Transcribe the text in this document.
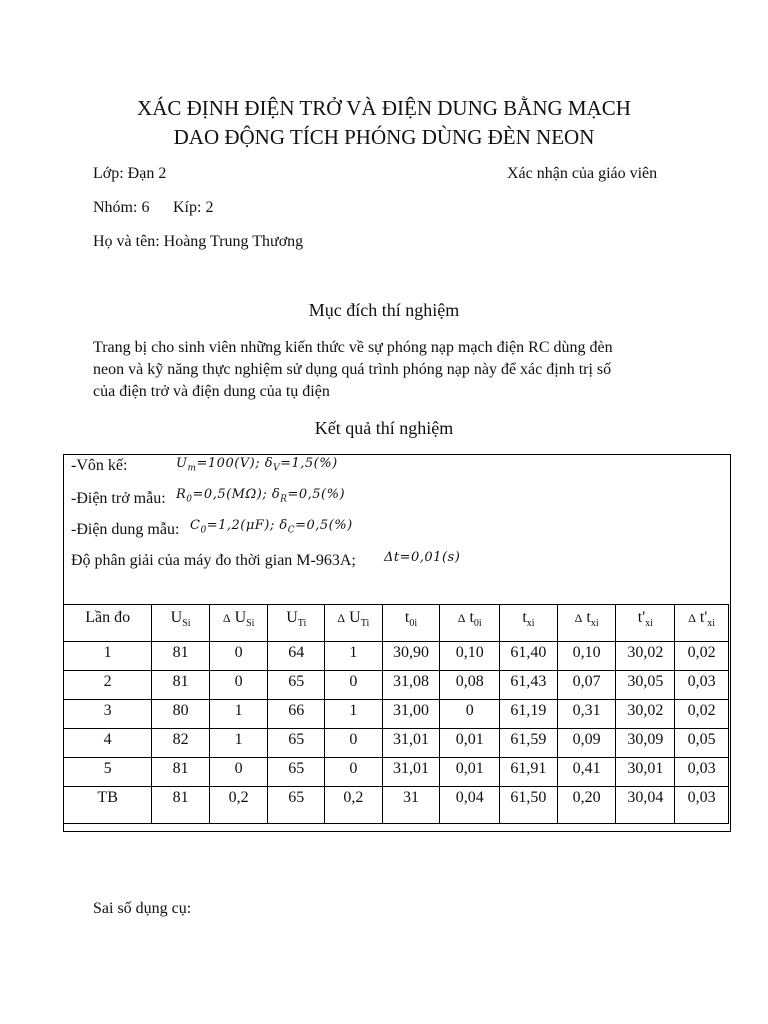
XÁC ĐỊNH ĐIỆN TRỞ VÀ ĐIỆN DUNG BẰNG MẠCH
DAO ĐỘNG TÍCH PHÓNG DÙNG ĐÈN NEON
Lớp: Đạn 2	Xác nhận của giáo viên
Nhóm: 6 Kíp: 2
Họ và tên: Hoàng Trung Thương
Mục đích thí nghiệm
Trang bị cho sinh viên những kiến thức về sự phóng nạp mạch điện RC dùng đèn
neon và kỹ năng thực nghiệm sử dụng quá trình phóng nạp này để xác định trị số
của điện trở và điện dung của tụ điện
Kết quả thí nghiệm
-Vôn kế:	$U_m=100(V)$; $\delta_V=1,5(\%)$
-Điện trở mẫu: $R_0=0,5(M\Omega)$; $\delta_R=0,5(\%)$
-Điện dung mẫu: $C_0=1,2(\mu F)$; $\delta_C=0,5(\%)$
Độ phân giải của máy đo thời gian M-963A; Δt=0,01(s)
Lần đo	$U_{Si}$	Δ $U_{Si}$	$U_{Ti}$	Δ $U_{Ti}$	$t_{0i}$	Δ $t_{0i}$	$t_{xi}$	Δ $t_{xi}$	$t'_{xi}$	Δ $t'_{xi}$
1	81	0	64	1	30,90	0,10	61,40	0,10	30,02	0,02
2	81	0	65	0	31,08	0,08	61,43	0,07	30,05	0,03
3	80	1	66	1	31,00	0	61,19	0,31	30,02	0,02
4	82	1	65	0	31,01	0,01	61,59	0,09	30,09	0,05
5	81	0	65	0	31,01	0,01	61,91	0,41	30,01	0,03
TB	81	0,2	65	0,2	31	0,04	61,50	0,20	30,04	0,03
Sai số dụng cụ:
